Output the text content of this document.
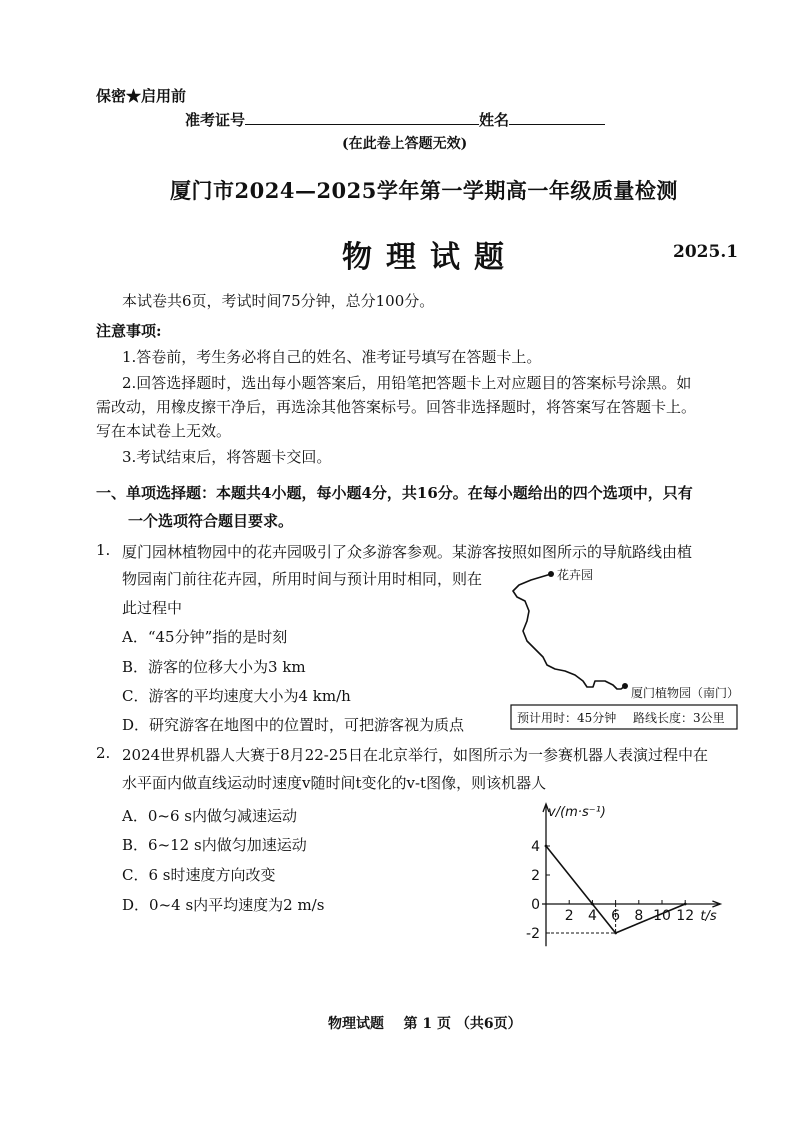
保密★启用前
准考证号	姓名
(在此卷上答题无效)
厦门市2024—2025学年第一学期高一年级质量检测
物理试题	2025.1
本试卷共6页，考试时间75分钟，总分100分。
注意事项:
1.答卷前，考生务必将自己的姓名、准考证号填写在答题卡上。
2.回答选择题时，选出每小题答案后，用铅笔把答题卡上对应题目的答案标号涂黑。如
需改动，用橡皮擦干净后，再选涂其他答案标号。回答非选择题时，将答案写在答题卡上。
写在本试卷上无效。
3.考试结束后，将答题卡交回。
一、单项选择题：本题共4小题，每小题4分，共16分。在每小题给出的四个选项中，只有
一个选项符合题目要求。
1. 厦门园林植物园中的花卉园吸引了众多游客参观。某游客按照如图所示的导航路线由植
物园南门前往花卉园，所用时间与预计用时相同，则在
此过程中
A．“45分钟”指的是时刻
B．游客的位移大小为3 km
C．游客的平均速度大小为4 km/h
D．研究游客在地图中的位置时，可把游客视为质点
花卉园
厦门植物园（南门）
预计用时：45分钟 路线长度：3公里
2. 2024世界机器人大赛于8月22-25日在北京举行，如图所示为一参赛机器人表演过程中在
水平面内做直线运动时速度v随时间t变化的v-t图像，则该机器人
A．0~6 s内做匀减速运动
B．6~12 s内做匀加速运动
C．6 s时速度方向改变
D．0~4 s内平均速度为2 m/s
v/(m·s⁻¹)
t/s
4
2
0
-2
2 4 6 8 10 12
物理试题    第 1 页 （共6页）
